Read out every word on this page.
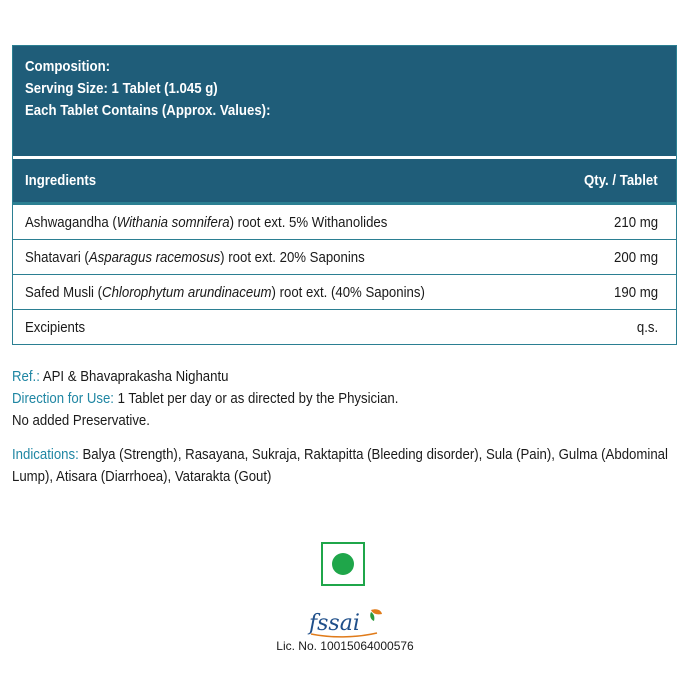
Composition:
Serving Size: 1 Tablet (1.045 g)
Each Tablet Contains (Approx. Values):
Ingredients	Qty. / Tablet
Ashwagandha (Withania somnifera) root ext. 5% Withanolides	210 mg
Shatavari (Asparagus racemosus) root ext. 20% Saponins	200 mg
Safed Musli (Chlorophytum arundinaceum) root ext. (40% Saponins)	190 mg
Excipients	q.s.

Ref.: API & Bhavaprakasha Nighantu

Direction for Use: 1 Tablet per day or as directed by the Physician.

No added Preservative.

Indications: Balya (Strength), Rasayana, Sukraja, Raktapitta (Bleeding disorder), Sula (Pain), Gulma (Abdominal Lump), Atisara (Diarrhoea), Vatarakta (Gout)

fssai
Lic. No. 10015064000576
